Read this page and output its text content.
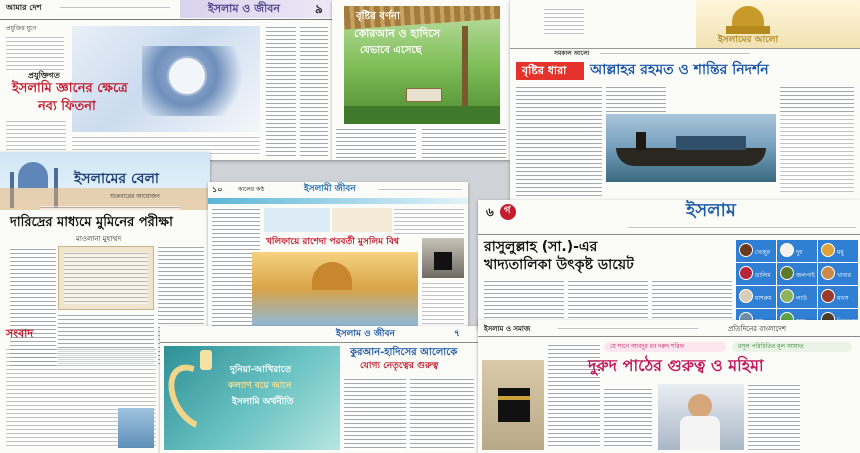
আমার দেশ	ইসলাম ও জীবন	৯
প্রযুক্তির যুগে
প্রযুক্তিগত
ইসলামি জ্ঞানের ক্ষেত্রে
নব্য ফিতনা
বৃষ্টির বর্ণনা
কোরআন ও হাদিসে
যেভাবে এসেছে
ইসলামের আলো
সমকাল আলো
বৃষ্টির ধারা আল্লাহর রহমত ও শান্তির নিদর্শন
ইসলামের বেলা
শুক্রবারের আয়োজন
দারিদ্রের মাধ্যমে মুমিনের পরীক্ষা
মাওলানা মুহাম্মদ
সংবাদ
১০	কালের কণ্ঠ	ইসলামী জীবন
খলিফায়ে রাশেদা পরবর্তী মুসলিম বিশ্ব
ইসলাম ও জীবন	৭
দুনিয়া-আখিরাতে
কল্যাণ বয়ে আনে
ইসলামি অর্থনীতি
কুরআন-হাদিসের আলোকে
যোগ্য নেতৃত্বের গুরুত্ব
৬ গ	ইসলাম
রাসুলুল্লাহ (সা.)-এর
খাদ্যতালিকা উৎকৃষ্ট ডায়েট
খেজুর	দুধ	মধু
ডালিম	জলপাই	খাবার
মাশরুম	লাউ	মাংস
ইসলাম ও সমাজ	প্রতিদিনের বাংলাদেশ
যে শানে আবদুর রব দরুদ শরিফ	রসূল পরিচিতির মূল আয়াত
দুরুদ পাঠের গুরুত্ব ও মহিমা
